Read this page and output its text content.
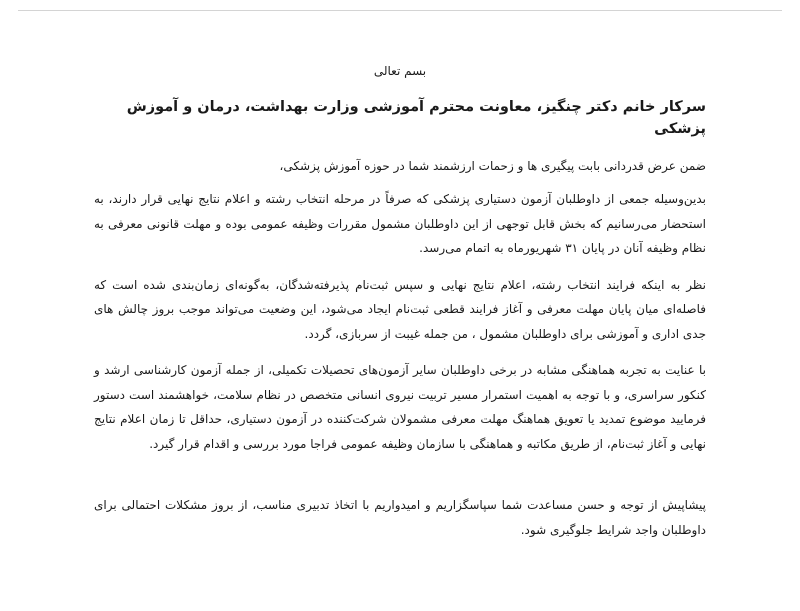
بسم تعالی

سرکار خانم دکتر چنگیز، معاونت محترم آموزشی وزارت بهداشت، درمان و آموزش پزشکی

ضمن عرض قدردانی بابت پیگیری ها و زحمات ارزشمند شما در حوزه آموزش پزشکی،

بدین‌وسیله جمعی از داوطلبان آزمون دستیاری پزشکی که صرفاً در مرحله انتخاب رشته و اعلام نتایج نهایی قرار دارند، به استحضار می‌رسانیم که بخش قابل توجهی از این داوطلبان مشمول مقررات وظیفه عمومی بوده و مهلت قانونی معرفی به نظام وظیفه آنان در پایان ۳۱ شهریورماه به اتمام می‌رسد.

نظر به اینکه فرایند انتخاب رشته، اعلام نتایج نهایی و سپس ثبت‌نام پذیرفته‌شدگان، به‌گونه‌ای زمان‌بندی شده است که فاصله‌ای میان پایان مهلت معرفی و آغاز فرایند قطعی ثبت‌نام ایجاد می‌شود، این وضعیت می‌تواند موجب بروز چالش های جدی اداری و آموزشی برای داوطلبان مشمول ، من جمله غیبت از سربازی، گردد.

با عنایت به تجربه هماهنگی مشابه در برخی داوطلبان سایر آزمون‌های تحصیلات تکمیلی، از جمله آزمون کارشناسی ارشد و کنکور سراسری، و با توجه به اهمیت استمرار مسیر تربیت نیروی انسانی متخصص در نظام سلامت، خواهشمند است دستور فرمایید موضوع تمدید یا تعویق هماهنگ مهلت معرفی مشمولان شرکت‌کننده در آزمون دستیاری، حداقل تا زمان اعلام نتایج نهایی و آغاز ثبت‌نام، از طریق مکاتبه و هماهنگی با سازمان وظیفه عمومی فراجا مورد بررسی و اقدام قرار گیرد.

پیشاپیش از توجه و حسن مساعدت شما سپاسگزاریم و امیدواریم با اتخاذ تدبیری مناسب، از بروز مشکلات احتمالی برای داوطلبان واجد شرایط جلوگیری شود.
